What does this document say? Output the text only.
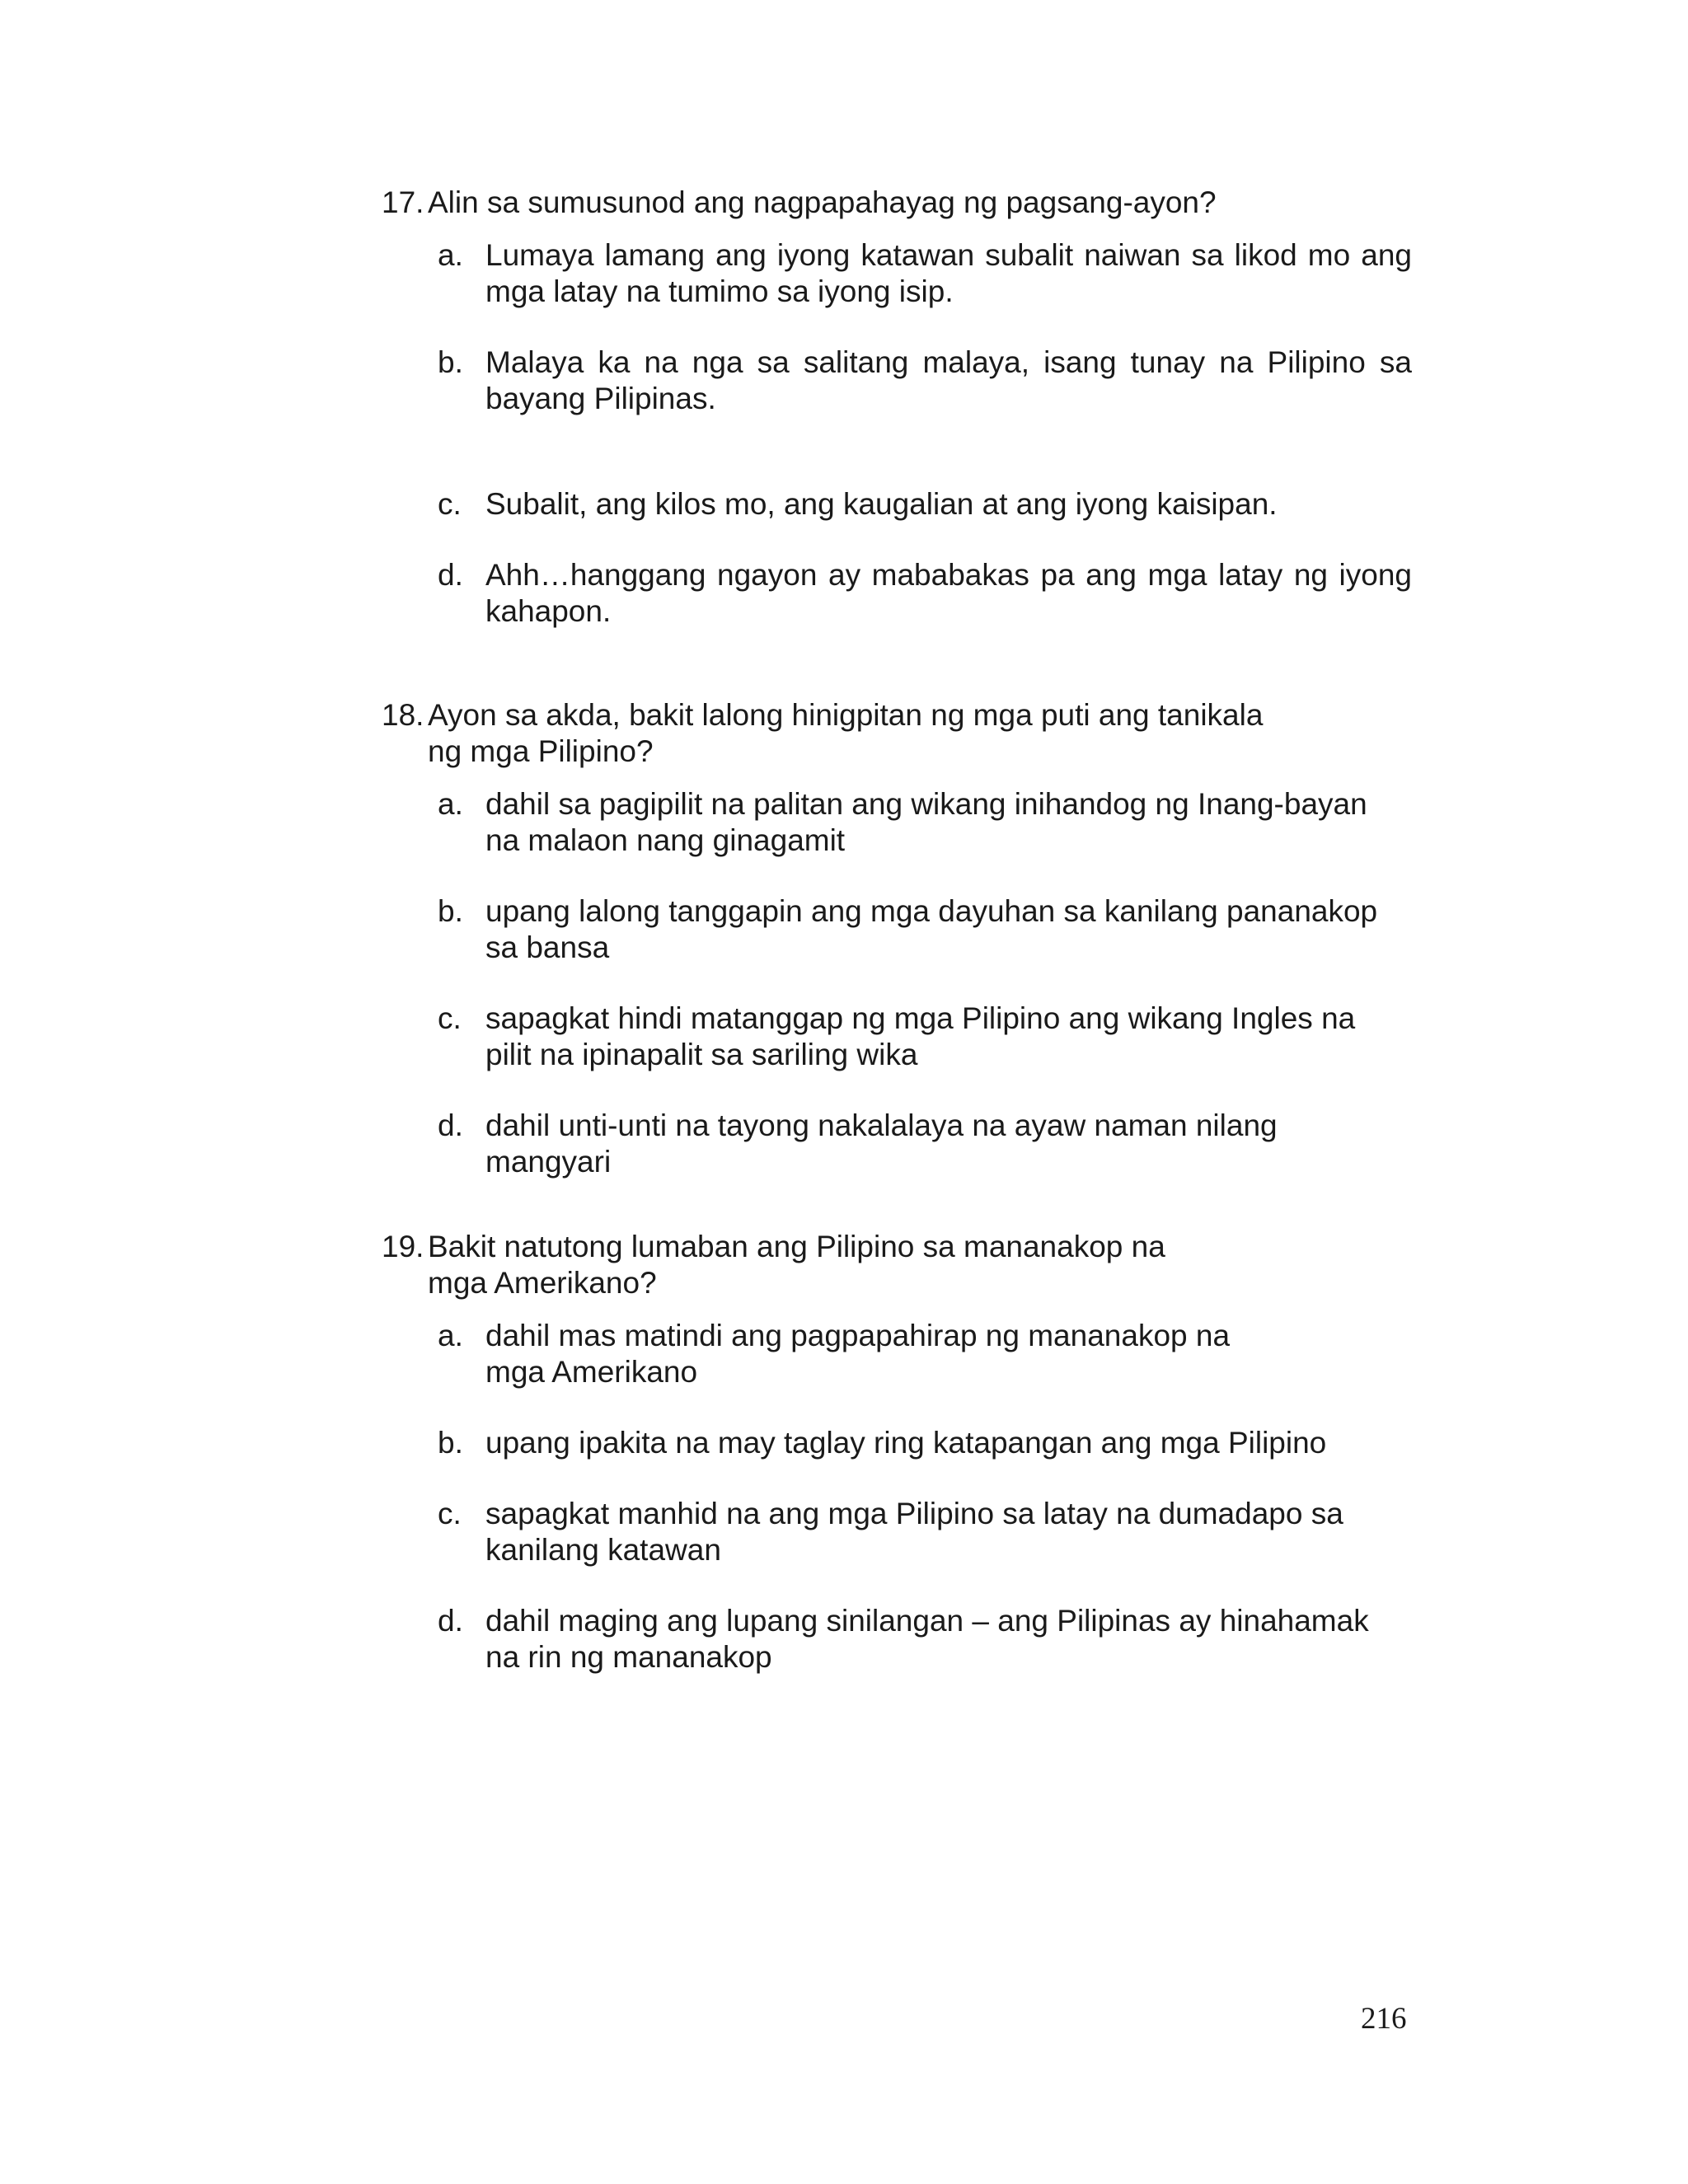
17. Alin sa sumusunod ang nagpapahayag ng pagsang-ayon?
a. Lumaya lamang ang iyong katawan subalit naiwan sa likod mo ang mga latay na tumimo sa iyong isip.
b. Malaya ka na nga sa salitang malaya, isang tunay na Pilipino sa bayang Pilipinas.
c. Subalit, ang kilos mo, ang kaugalian at ang iyong kaisipan.
d. Ahh…hanggang ngayon ay mababakas pa ang mga latay ng iyong kahapon.
18. Ayon sa akda, bakit lalong hinigpitan ng mga puti ang tanikala ng mga Pilipino?
a. dahil sa pagipilit na palitan ang wikang inihandog ng Inang-bayan na malaon nang ginagamit
b. upang lalong tanggapin ang mga dayuhan sa kanilang pananakop sa bansa
c. sapagkat hindi matanggap ng mga Pilipino ang wikang Ingles na pilit na ipinapalit sa sariling wika
d. dahil unti-unti na tayong nakalalaya na ayaw naman nilang mangyari
19. Bakit natutong lumaban ang Pilipino sa mananakop na mga Amerikano?
a. dahil mas matindi ang pagpapahirap ng mananakop na mga Amerikano
b. upang ipakita na may taglay ring katapangan ang mga Pilipino
c. sapagkat manhid na ang mga Pilipino sa latay na dumadapo sa kanilang katawan
d. dahil maging ang lupang sinilangan – ang Pilipinas ay hinahamak na rin ng mananakop
216
